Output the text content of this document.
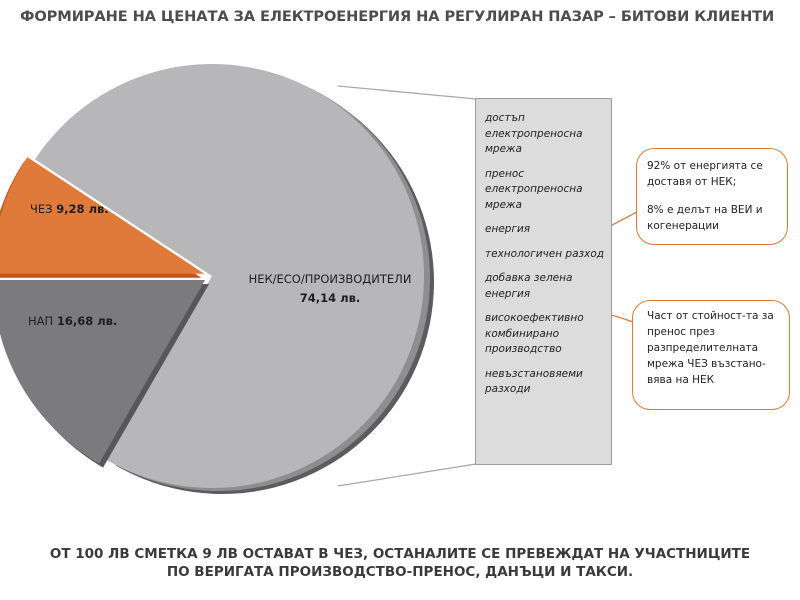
ФОРМИРАНЕ НА ЦЕНАТА ЗА ЕЛЕКТРОЕНЕРГИЯ НА РЕГУЛИРАН ПАЗАР – БИТОВИ КЛИЕНТИ
ЧЕЗ 9,28 лв.
НАП 16,68 лв.
НЕК/ЕСО/ПРОИЗВОДИТЕЛИ
74,14 лв.
достъп електропреносна мрежа
пренос електропреносна мрежа
енергия
технологичен разход
добавка зелена енергия
високоефективно комбинирано производство
невъзстановяеми разходи

92% от енергията се доставя от НЕК;

8% е делът на ВЕИ и когенерации

Част от стойност-та за пренос през разпределителната мрежа ЧЕЗ възстано-вява на НЕК

ОТ 100 ЛВ СМЕТКА 9 ЛВ ОСТАВАТ В ЧЕЗ, ОСТАНАЛИТЕ СЕ ПРЕВЕЖДАТ НА УЧАСТНИЦИТЕ
ПО ВЕРИГАТА ПРОИЗВОДСТВО-ПРЕНОС, ДАНЪЦИ И ТАКСИ.
